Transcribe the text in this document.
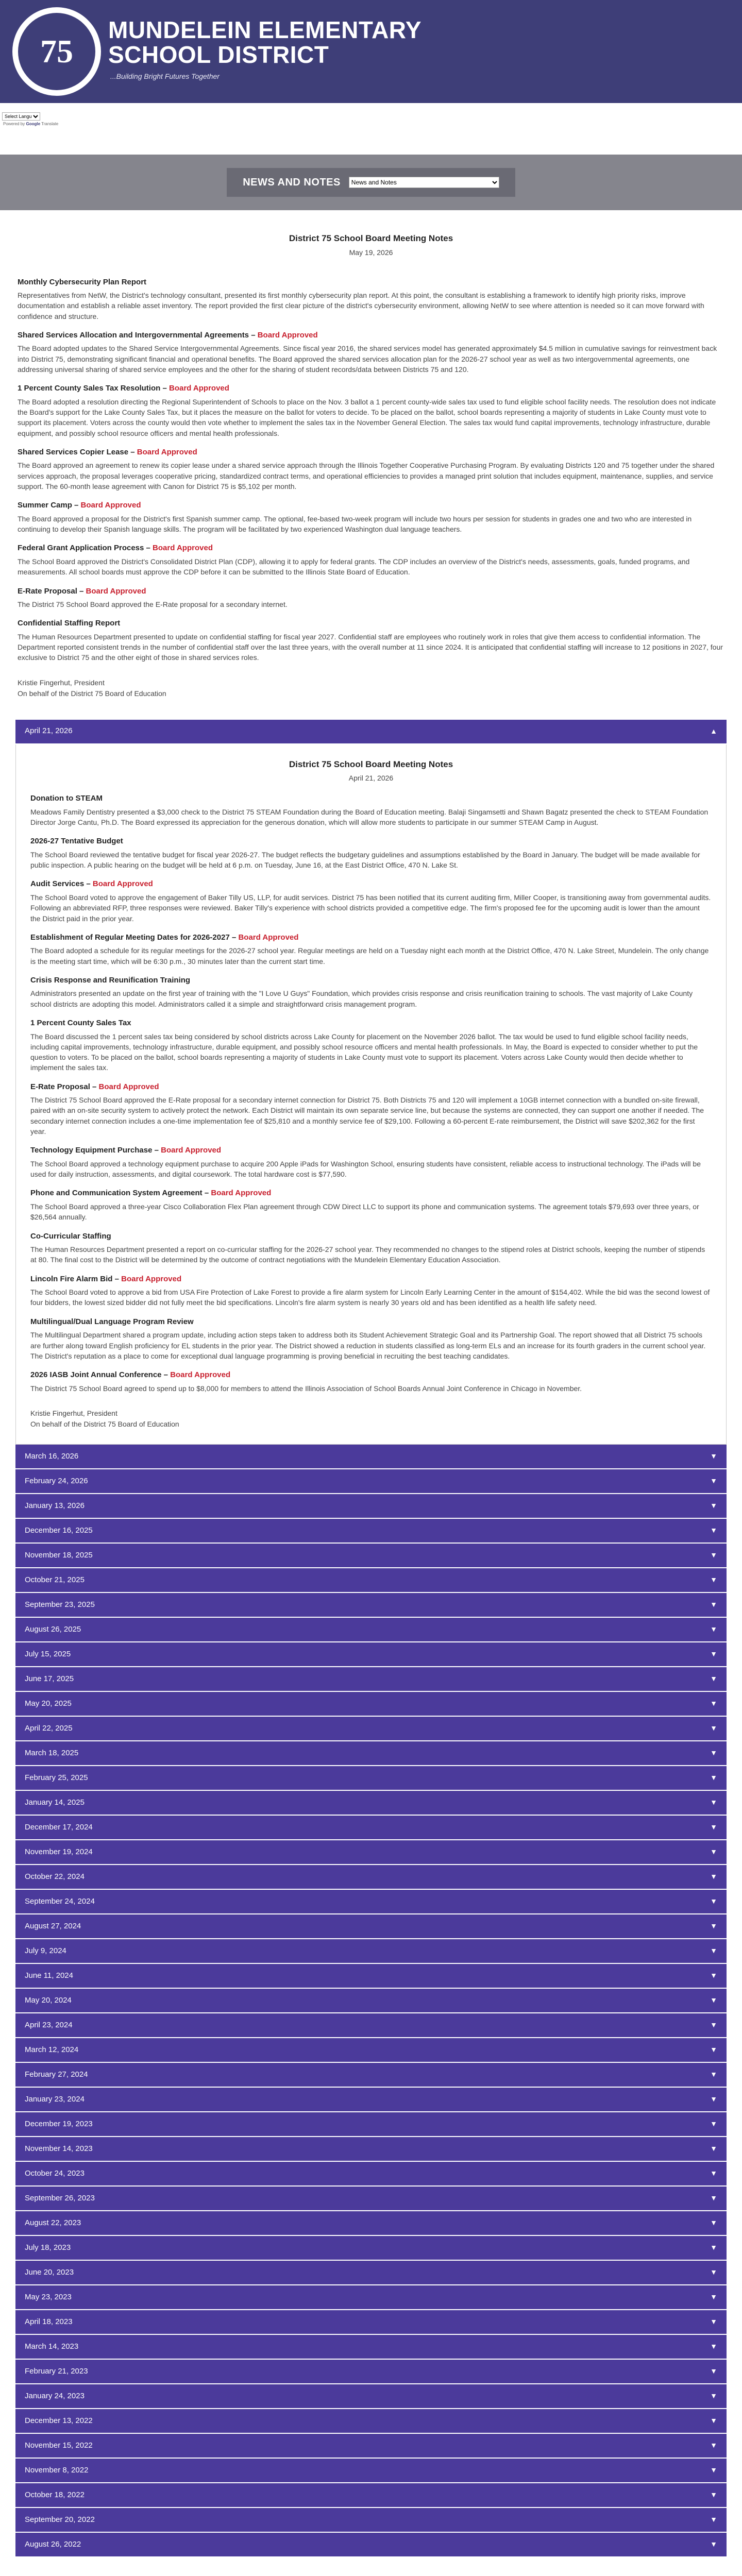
75
MUNDELEIN ELEMENTARY
SCHOOL DISTRICT
...Building Bright Futures Together
Select Language
Powered by Google Translate
NEWS AND NOTES
News and Notes
District 75 School Board Meeting Notes
May 19, 2026
Monthly Cybersecurity Plan Report

Representatives from NetW, the District's technology consultant, presented its first monthly cybersecurity plan report. At this point, the consultant is establishing a framework to identify high priority risks, improve documentation and establish a reliable asset inventory. The report provided the first clear picture of the district's cybersecurity environment, allowing NetW to see where attention is needed so it can move forward with confidence and structure.

Shared Services Allocation and Intergovernmental Agreements – Board Approved

The Board adopted updates to the Shared Service Intergovernmental Agreements. Since fiscal year 2016, the shared services model has generated approximately $4.5 million in cumulative savings for reinvestment back into District 75, demonstrating significant financial and operational benefits. The Board approved the shared services allocation plan for the 2026-27 school year as well as two intergovernmental agreements, one addressing universal sharing of shared service employees and the other for the sharing of student records/data between Districts 75 and 120.

1 Percent County Sales Tax Resolution – Board Approved

The Board adopted a resolution directing the Regional Superintendent of Schools to place on the Nov. 3 ballot a 1 percent county-wide sales tax used to fund eligible school facility needs. The resolution does not indicate the Board's support for the Lake County Sales Tax, but it places the measure on the ballot for voters to decide. To be placed on the ballot, school boards representing a majority of students in Lake County must vote to support its placement. Voters across the county would then vote whether to implement the sales tax in the November General Election. The sales tax would fund capital improvements, technology infrastructure, durable equipment, and possibly school resource officers and mental health professionals.

Shared Services Copier Lease – Board Approved

The Board approved an agreement to renew its copier lease under a shared service approach through the Illinois Together Cooperative Purchasing Program. By evaluating Districts 120 and 75 together under the shared services approach, the proposal leverages cooperative pricing, standardized contract terms, and operational efficiencies to provides a managed print solution that includes equipment, maintenance, supplies, and service support. The 60-month lease agreement with Canon for District 75 is $5,102 per month.

Summer Camp – Board Approved

The Board approved a proposal for the District's first Spanish summer camp. The optional, fee-based two-week program will include two hours per session for students in grades one and two who are interested in continuing to develop their Spanish language skills. The program will be facilitated by two experienced Washington dual language teachers.

Federal Grant Application Process – Board Approved

The School Board approved the District's Consolidated District Plan (CDP), allowing it to apply for federal grants. The CDP includes an overview of the District's needs, assessments, goals, funded programs, and measurements. All school boards must approve the CDP before it can be submitted to the Illinois State Board of Education.

E-Rate Proposal – Board Approved

The District 75 School Board approved the E-Rate proposal for a secondary internet.

Confidential Staffing Report

The Human Resources Department presented to update on confidential staffing for fiscal year 2027. Confidential staff are employees who routinely work in roles that give them access to confidential information. The Department reported consistent trends in the number of confidential staff over the last three years, with the overall number at 11 since 2024. It is anticipated that confidential staffing will increase to 12 positions in 2027, four exclusive to District 75 and the other eight of those in shared services roles.

Kristie Fingerhut, President
On behalf of the District 75 Board of Education
April 21, 2026	▲
District 75 School Board Meeting Notes
April 21, 2026
Donation to STEAM

Meadows Family Dentistry presented a $3,000 check to the District 75 STEAM Foundation during the Board of Education meeting. Balaji Singamsetti and Shawn Bagatz presented the check to STEAM Foundation Director Jorge Cantu, Ph.D. The Board expressed its appreciation for the generous donation, which will allow more students to participate in our summer STEAM Camp in August.

2026-27 Tentative Budget

The School Board reviewed the tentative budget for fiscal year 2026-27. The budget reflects the budgetary guidelines and assumptions established by the Board in January. The budget will be made available for public inspection. A public hearing on the budget will be held at 6 p.m. on Tuesday, June 16, at the East District Office, 470 N. Lake St.

Audit Services – Board Approved

The School Board voted to approve the engagement of Baker Tilly US, LLP, for audit services. District 75 has been notified that its current auditing firm, Miller Cooper, is transitioning away from governmental audits. Following an abbreviated RFP, three responses were reviewed. Baker Tilly's experience with school districts provided a competitive edge. The firm's proposed fee for the upcoming audit is lower than the amount the District paid in the prior year.

Establishment of Regular Meeting Dates for 2026-2027 – Board Approved

The Board adopted a schedule for its regular meetings for the 2026-27 school year. Regular meetings are held on a Tuesday night each month at the District Office, 470 N. Lake Street, Mundelein. The only change is the meeting start time, which will be 6:30 p.m., 30 minutes later than the current start time.

Crisis Response and Reunification Training

Administrators presented an update on the first year of training with the "I Love U Guys" Foundation, which provides crisis response and crisis reunification training to schools. The vast majority of Lake County school districts are adopting this model. Administrators called it a simple and straightforward crisis management program.

1 Percent County Sales Tax

The Board discussed the 1 percent sales tax being considered by school districts across Lake County for placement on the November 2026 ballot. The tax would be used to fund eligible school facility needs, including capital improvements, technology infrastructure, durable equipment, and possibly school resource officers and mental health professionals. In May, the Board is expected to consider whether to put the question to voters. To be placed on the ballot, school boards representing a majority of students in Lake County must vote to support its placement. Voters across Lake County would then decide whether to implement the sales tax.

E-Rate Proposal – Board Approved

The District 75 School Board approved the E-Rate proposal for a secondary internet connection for District 75. Both Districts 75 and 120 will implement a 10GB internet connection with a bundled on-site firewall, paired with an on-site security system to actively protect the network. Each District will maintain its own separate service line, but because the systems are connected, they can support one another if needed. The secondary internet connection includes a one-time implementation fee of $25,810 and a monthly service fee of $29,100. Following a 60-percent E-rate reimbursement, the District will save $202,362 for the first year.

Technology Equipment Purchase – Board Approved

The School Board approved a technology equipment purchase to acquire 200 Apple iPads for Washington School, ensuring students have consistent, reliable access to instructional technology. The iPads will be used for daily instruction, assessments, and digital coursework. The total hardware cost is $77,590.

Phone and Communication System Agreement – Board Approved

The School Board approved a three-year Cisco Collaboration Flex Plan agreement through CDW Direct LLC to support its phone and communication systems. The agreement totals $79,693 over three years, or $26,564 annually.

Co-Curricular Staffing

The Human Resources Department presented a report on co-curricular staffing for the 2026-27 school year. They recommended no changes to the stipend roles at District schools, keeping the number of stipends at 80. The final cost to the District will be determined by the outcome of contract negotiations with the Mundelein Elementary Education Association.

Lincoln Fire Alarm Bid – Board Approved

The School Board voted to approve a bid from USA Fire Protection of Lake Forest to provide a fire alarm system for Lincoln Early Learning Center in the amount of $154,402. While the bid was the second lowest of four bidders, the lowest sized bidder did not fully meet the bid specifications. Lincoln's fire alarm system is nearly 30 years old and has been identified as a health life safety need.

Multilingual/Dual Language Program Review

The Multilingual Department shared a program update, including action steps taken to address both its Student Achievement Strategic Goal and its Partnership Goal. The report showed that all District 75 schools are further along toward English proficiency for EL students in the prior year. The District showed a reduction in students classified as long-term ELs and an increase for its fourth graders in the current school year. The District's reputation as a place to come for exceptional dual language programming is proving beneficial in recruiting the best teaching candidates.

2026 IASB Joint Annual Conference – Board Approved

The District 75 School Board agreed to spend up to $8,000 for members to attend the Illinois Association of School Boards Annual Joint Conference in Chicago in November.

Kristie Fingerhut, President
On behalf of the District 75 Board of Education
March 16, 2026	▼
February 24, 2026	▼
January 13, 2026	▼
December 16, 2025	▼
November 18, 2025	▼
October 21, 2025	▼
September 23, 2025	▼
August 26, 2025	▼
July 15, 2025	▼
June 17, 2025	▼
May 20, 2025	▼
April 22, 2025	▼
March 18, 2025	▼
February 25, 2025	▼
January 14, 2025	▼
December 17, 2024	▼
November 19, 2024	▼
October 22, 2024	▼
September 24, 2024	▼
August 27, 2024	▼
July 9, 2024	▼
June 11, 2024	▼
May 20, 2024	▼
April 23, 2024	▼
March 12, 2024	▼
February 27, 2024	▼
January 23, 2024	▼
December 19, 2023	▼
November 14, 2023	▼
October 24, 2023	▼
September 26, 2023	▼
August 22, 2023	▼
July 18, 2023	▼
June 20, 2023	▼
May 23, 2023	▼
April 18, 2023	▼
March 14, 2023	▼
February 21, 2023	▼
January 24, 2023	▼
December 13, 2022	▼
November 15, 2022	▼
November 8, 2022	▼
October 18, 2022	▼
September 20, 2022	▼
August 26, 2022	▼
